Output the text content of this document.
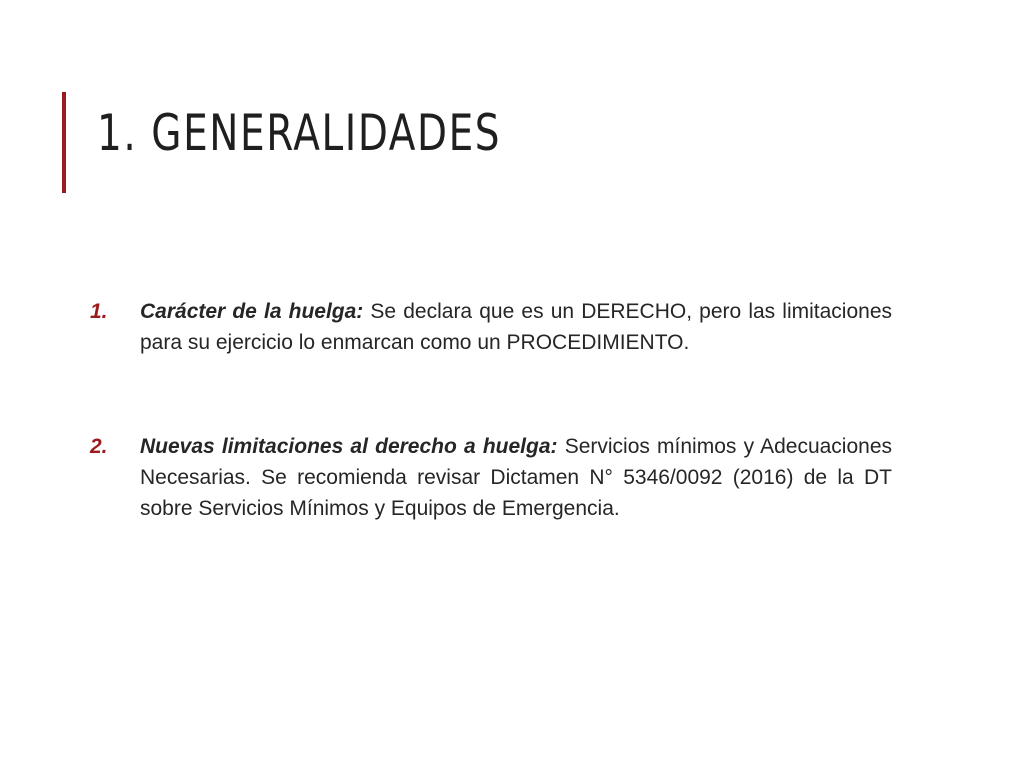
1. GENERALIDADES
1. Carácter de la huelga: Se declara que es un DERECHO, pero las limitaciones para su ejercicio lo enmarcan como un PROCEDIMIENTO.
2. Nuevas limitaciones al derecho a huelga: Servicios mínimos y Adecuaciones Necesarias. Se recomienda revisar Dictamen N° 5346/0092 (2016) de la DT sobre Servicios Mínimos y Equipos de Emergencia.
